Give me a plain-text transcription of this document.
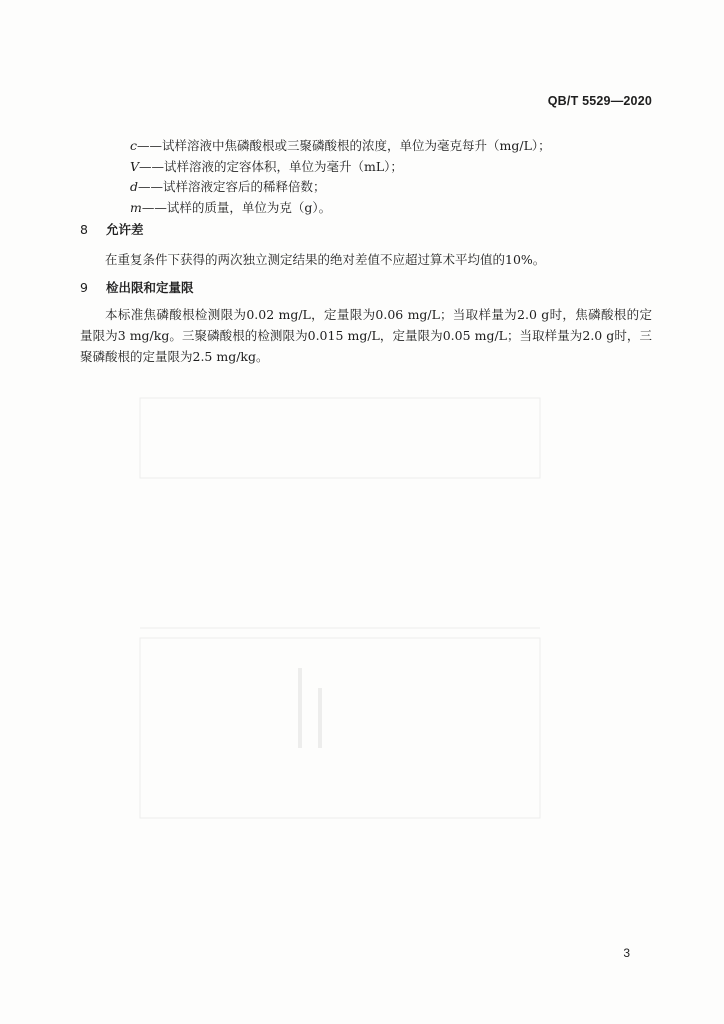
QB/T 5529—2020
c——试样溶液中焦磷酸根或三聚磷酸根的浓度，单位为毫克每升（mg/L）；
V——试样溶液的定容体积，单位为毫升（mL）；
d——试样溶液定容后的稀释倍数；
m——试样的质量，单位为克（g）。
8 允许差
在重复条件下获得的两次独立测定结果的绝对差值不应超过算术平均值的10%。
9 检出限和定量限
本标准焦磷酸根检测限为0.02 mg/L，定量限为0.06 mg/L；当取样量为2.0 g时，焦磷酸根的定量限为3 mg/kg。三聚磷酸根的检测限为0.015 mg/L，定量限为0.05 mg/L；当取样量为2.0 g时，三聚磷酸根的定量限为2.5 mg/kg。
3
